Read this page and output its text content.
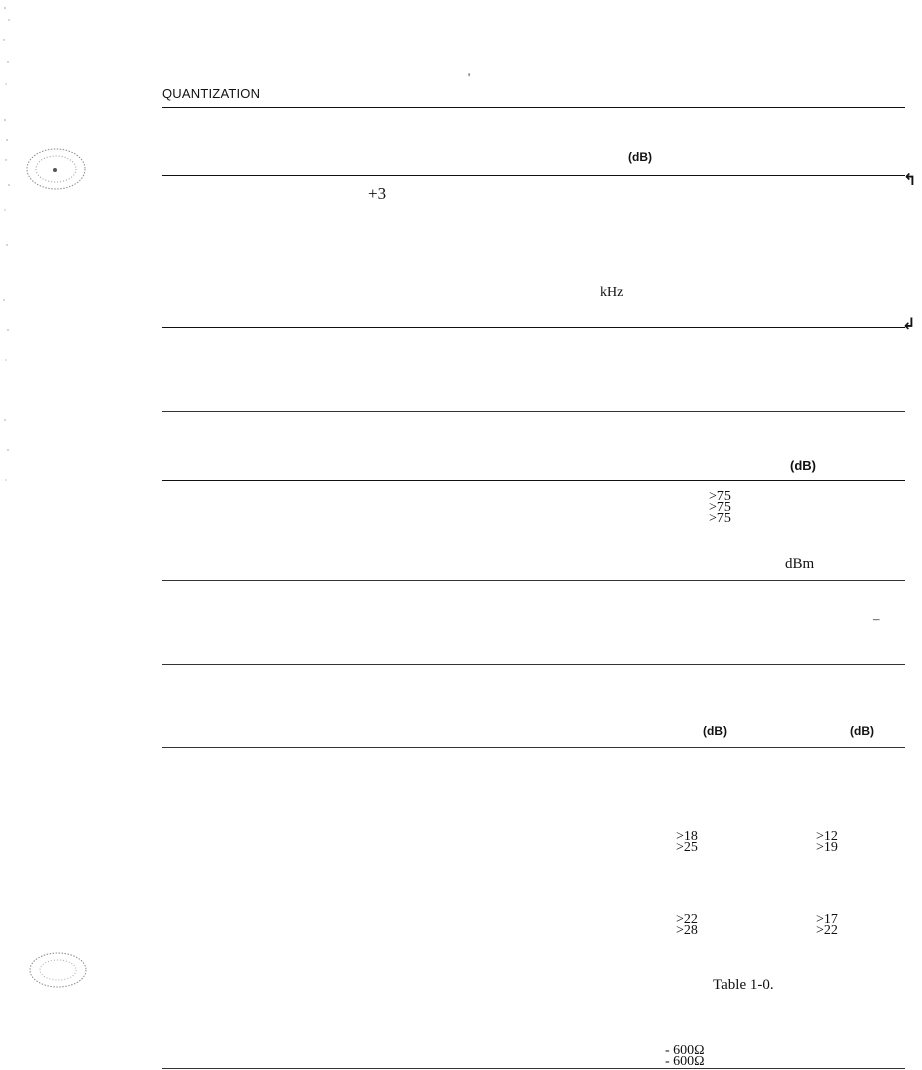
QUANTIZATION
'
(dB)
+3
kHz
↰
↲
(dB)
>75
>75
>75
dBm
–
(dB)	(dB)
>18
>25
>12
>19
>22
>28
>17
>22
Table 1-0.
- 600Ω
- 600Ω
